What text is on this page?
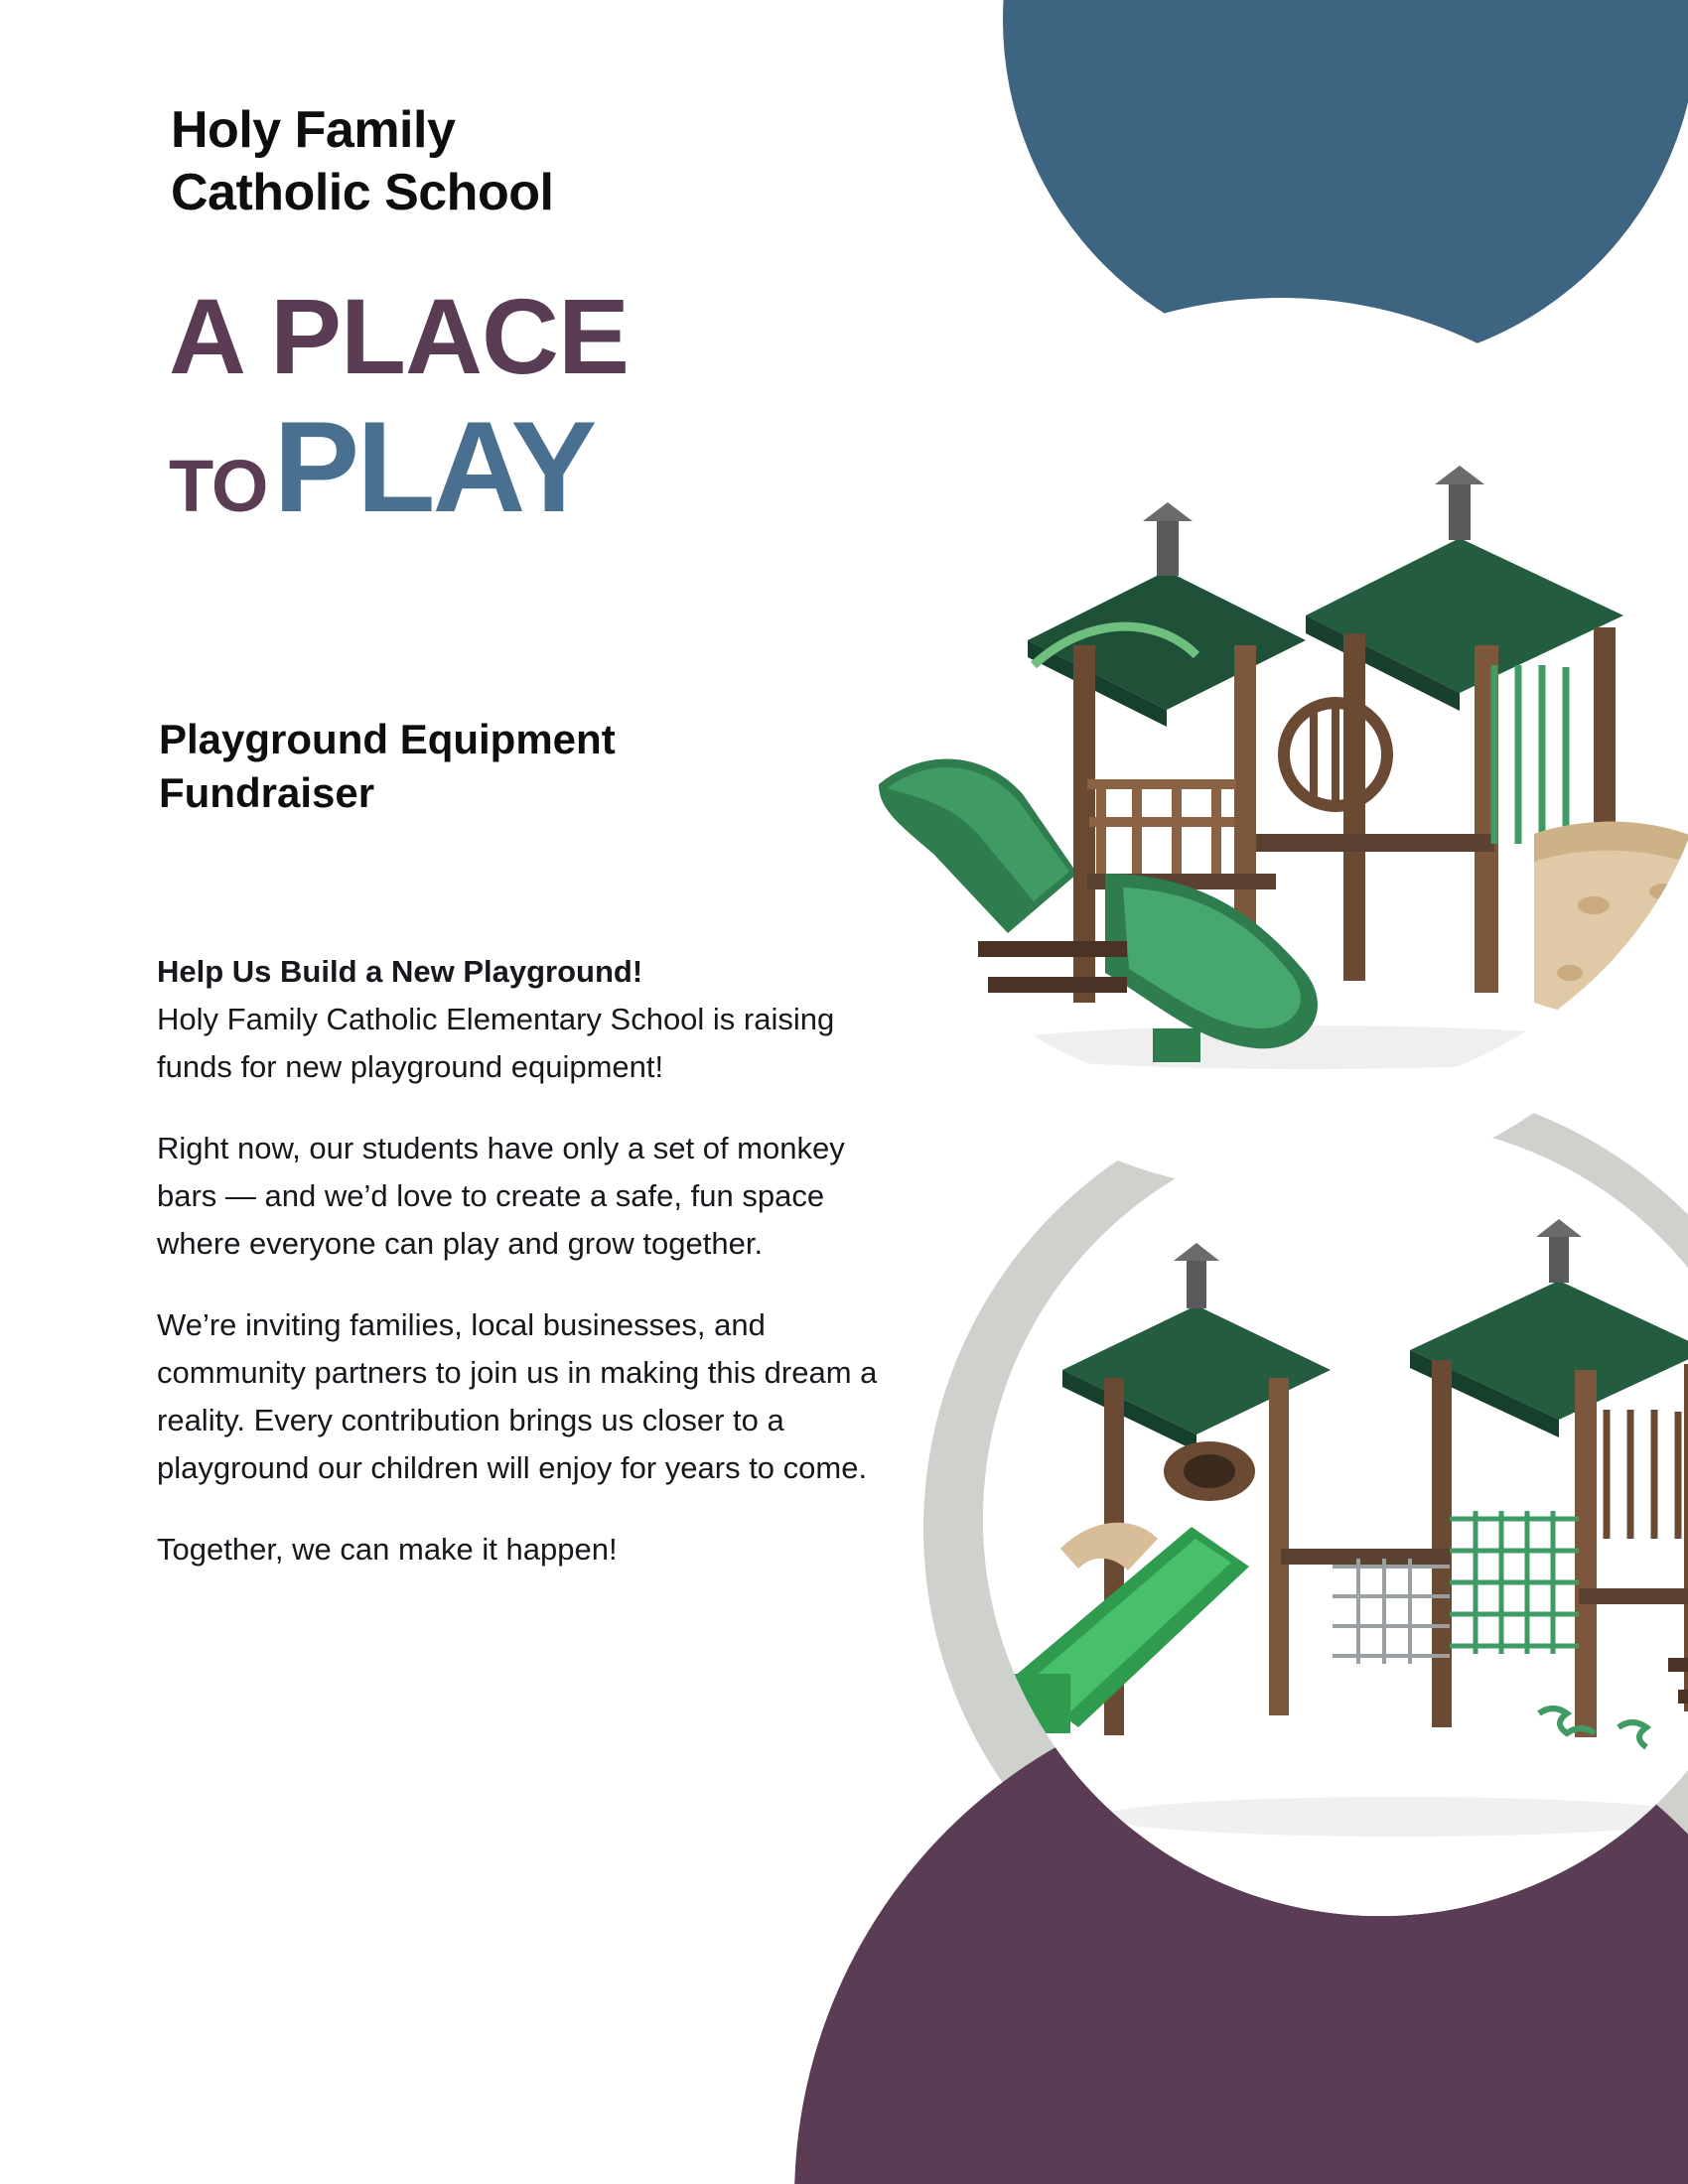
Holy Family
Catholic School
A PLACE
TOPLAY
Playground Equipment Fundraiser

Help Us Build a New Playground!

Holy Family Catholic Elementary School is raising funds for new playground equipment!

Right now, our students have only a set of monkey bars — and we’d love to create a safe, fun space where everyone can play and grow together.

We’re inviting families, local businesses, and community partners to join us in making this dream a reality. Every contribution brings us closer to a playground our children will enjoy for years to come.

Together, we can make it happen!
